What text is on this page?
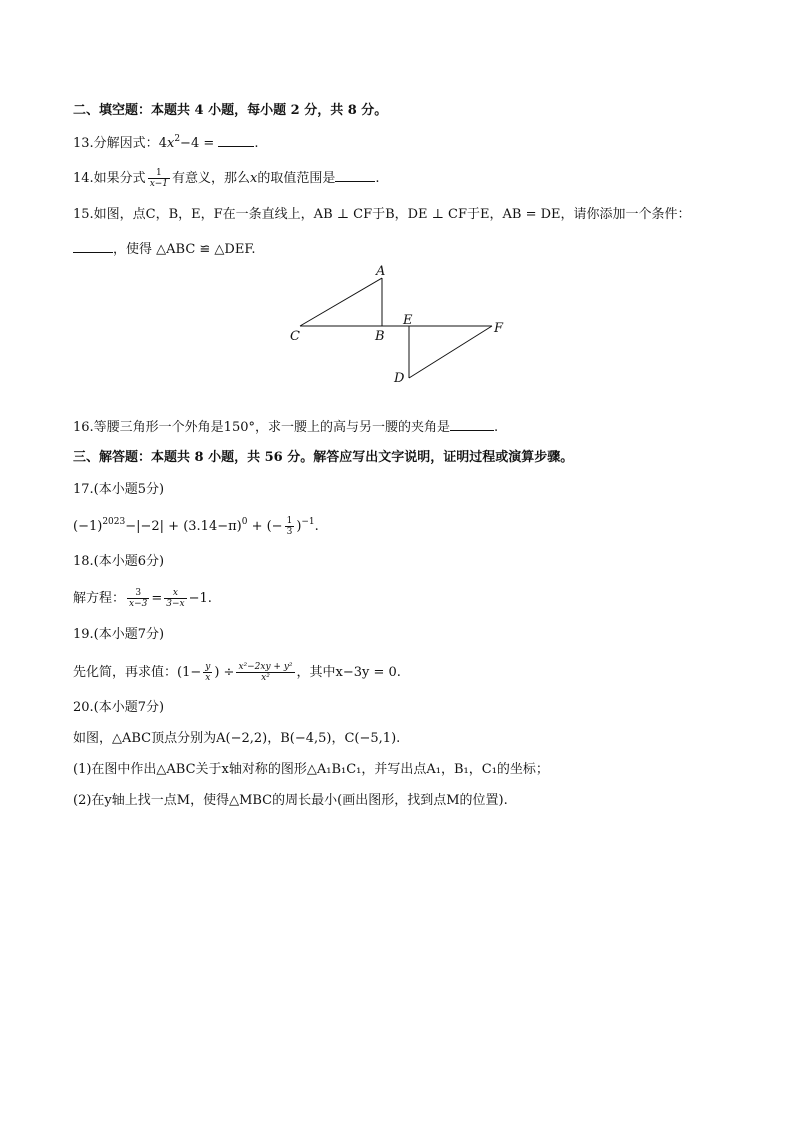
二、填空题：本题共 4 小题，每小题 2 分，共 8 分。
13.分解因式：$4x^2-4$ =	.
14.如果分式 $\frac{1}{x-1}$ 有意义，那么x的取值范围是	.
15.如图，点C，B，E，F在一条直线上，AB ⊥ CF于B，DE ⊥ CF于E，AB = DE，请你添加一个条件：
，使得 △ABC ≌ △DEF.
A
B
C
D
E
F
16.等腰三角形一个外角是150°，求一腰上的高与另一腰的夹角是	.
三、解答题：本题共 8 小题，共 56 分。解答应写出文字说明，证明过程或演算步骤。
17.(本小题5分)
$(-1)^{2023}-|-2| + (3.14-\pi)^0$ + (− $\frac{1}{3} )^{-1}$.
18.(本小题6分)
解方程： $\frac{3}{x-3} = \frac{x}{3-x} -1$.
19.(本小题7分)
先化简，再求值：($1- \frac{y}{x}$ ) ÷ $\frac{\text{x²−2xy + y²}}{\text{x²}}$ ，其中x−3y = 0.
20.(本小题7分)
如图，△ABC顶点分别为A(−2,2)，B(−4,5)，C(−5,1).
(1)在图中作出△ABC关于x轴对称的图形△A₁B₁C₁，并写出点A₁，B₁，C₁的坐标；
(2)在y轴上找一点M，使得△MBC的周长最小(画出图形，找到点M的位置).
